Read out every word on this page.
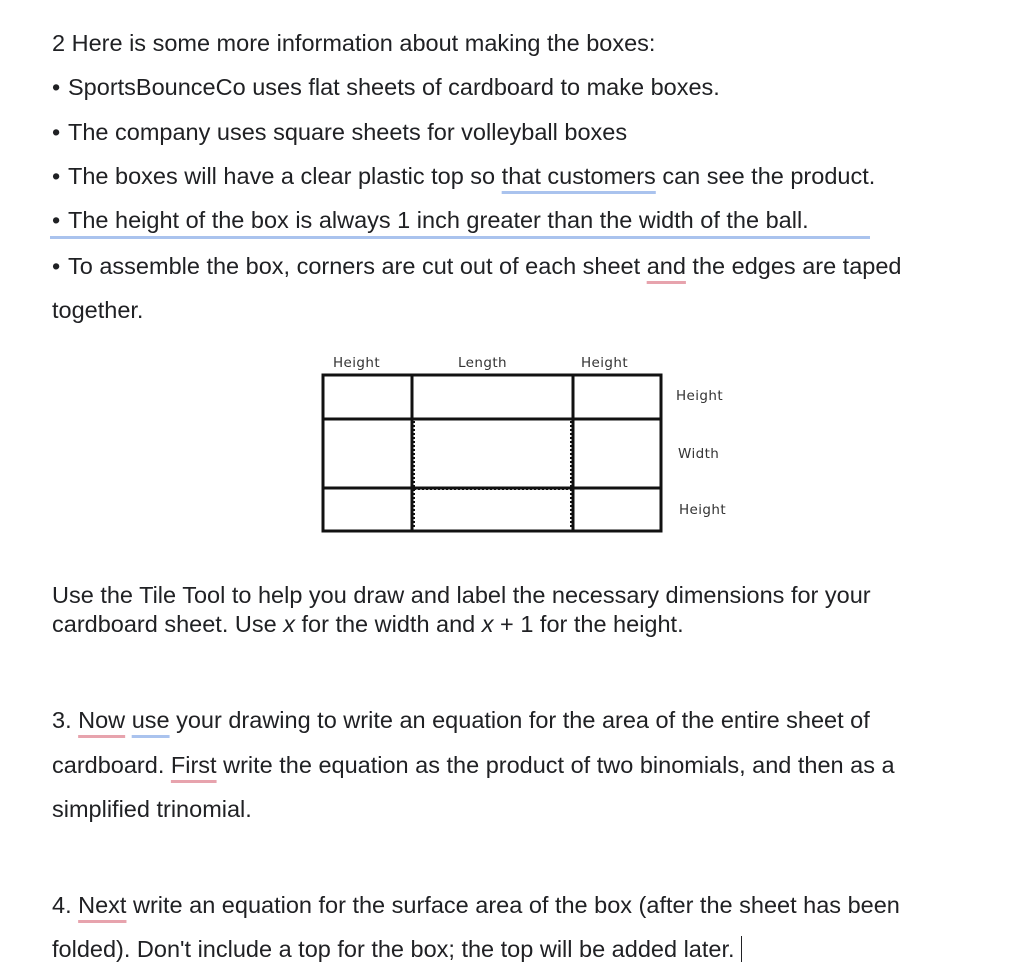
2 Here is some more information about making the boxes:
• SportsBounceCo uses flat sheets of cardboard to make boxes.
• The company uses square sheets for volleyball boxes
• The boxes will have a clear plastic top so that customers can see the product.
• The height of the box is always 1 inch greater than the width of the ball.
• To assemble the box, corners are cut out of each sheet and the edges are taped
together.
Height	Length	Height
Height
Width
Height
Use the Tile Tool to help you draw and label the necessary dimensions for your
cardboard sheet. Use x for the width and x + 1 for the height.
3. Now use your drawing to write an equation for the area of the entire sheet of
cardboard. First write the equation as the product of two binomials, and then as a
simplified trinomial.
4. Next write an equation for the surface area of the box (after the sheet has been
folded). Don't include a top for the box; the top will be added later.
